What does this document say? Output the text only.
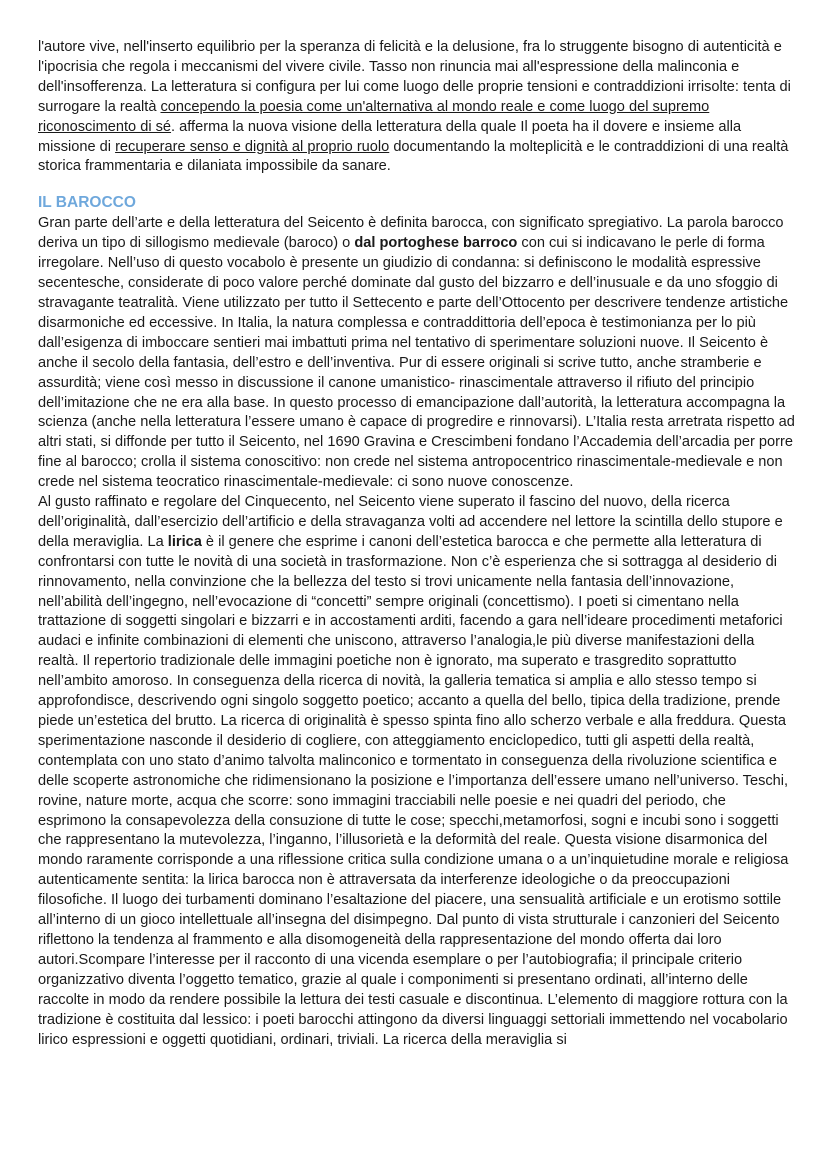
l'autore vive, nell'inserto equilibrio per la speranza di felicità e la delusione, fra lo struggente bisogno di autenticità e l'ipocrisia che regola i meccanismi del vivere civile. Tasso non rinuncia mai all'espressione della malinconia e dell'insofferenza. La letteratura si configura per lui come luogo delle proprie tensioni e contraddizioni irrisolte: tenta di surrogare la realtà concependo la poesia come un'alternativa al mondo reale e come luogo del supremo riconoscimento di sé. afferma la nuova visione della letteratura della quale Il poeta ha il dovere e insieme alla missione di recuperare senso e dignità al proprio ruolo documentando la molteplicità e le contraddizioni di una realtà storica frammentaria e dilaniata impossibile da sanare.

IL BAROCCO

Gran parte dell’arte e della letteratura del Seicento è definita barocca, con significato spregiativo. La parola barocco deriva un tipo di sillogismo medievale (baroco) o dal portoghese barroco con cui si indicavano le perle di forma irregolare. Nell’uso di questo vocabolo è presente un giudizio di condanna: si definiscono le modalità espressive secentesche, considerate di poco valore perché dominate dal gusto del bizzarro e dell’inusuale e da uno sfoggio di stravagante teatralità. Viene utilizzato per tutto il Settecento e parte dell’Ottocento per descrivere tendenze artistiche disarmoniche ed eccessive. In Italia, la natura complessa e contraddittoria dell’epoca è testimonianza per lo più dall’esigenza di imboccare sentieri mai imbattuti prima nel tentativo di sperimentare soluzioni nuove. Il Seicento è anche il secolo della fantasia, dell’estro e dell’inventiva. Pur di essere originali si scrive tutto, anche stramberie e assurdità; viene così messo in discussione il canone umanistico- rinascimentale attraverso il rifiuto del principio dell’imitazione che ne era alla base. In questo processo di emancipazione dall’autorità, la letteratura accompagna la scienza (anche nella letteratura l’essere umano è capace di progredire e rinnovarsi). L’Italia resta arretrata rispetto ad altri stati, si diffonde per tutto il Seicento, nel 1690 Gravina e Crescimbeni fondano l’Accademia dell’arcadia per porre fine al barocco; crolla il sistema conoscitivo: non crede nel sistema antropocentrico rinascimentale-medievale e non crede nel sistema teocratico rinascimentale-medievale: ci sono nuove conoscenze.

Al gusto raffinato e regolare del Cinquecento, nel Seicento viene superato il fascino del nuovo, della ricerca dell’originalità, dall’esercizio dell’artificio e della stravaganza volti ad accendere nel lettore la scintilla dello stupore e della meraviglia. La lirica è il genere che esprime i canoni dell’estetica barocca e che permette alla letteratura di confrontarsi con tutte le novità di una società in trasformazione. Non c’è esperienza che si sottragga al desiderio di rinnovamento, nella convinzione che la bellezza del testo si trovi unicamente nella fantasia dell’innovazione, nell’abilità dell’ingegno, nell’evocazione di “concetti” sempre originali (concettismo). I poeti si cimentano nella trattazione di soggetti singolari e bizzarri e in accostamenti arditi, facendo a gara nell’ideare procedimenti metaforici audaci e infinite combinazioni di elementi che uniscono, attraverso l’analogia,le più diverse manifestazioni della realtà. Il repertorio tradizionale delle immagini poetiche non è ignorato, ma superato e trasgredito soprattutto nell’ambito amoroso. In conseguenza della ricerca di novità, la galleria tematica si amplia e allo stesso tempo si approfondisce, descrivendo ogni singolo soggetto poetico; accanto a quella del bello, tipica della tradizione, prende piede un’estetica del brutto. La ricerca di originalità è spesso spinta fino allo scherzo verbale e alla freddura. Questa sperimentazione nasconde il desiderio di cogliere, con atteggiamento enciclopedico, tutti gli aspetti della realtà, contemplata con uno stato d’animo talvolta malinconico e tormentato in conseguenza della rivoluzione scientifica e delle scoperte astronomiche che ridimensionano la posizione e l’importanza dell’essere umano nell’universo. Teschi, rovine, nature morte, acqua che scorre: sono immagini tracciabili nelle poesie e nei quadri del periodo, che esprimono la consapevolezza della consuzione di tutte le cose; specchi,metamorfosi, sogni e incubi sono i soggetti che rappresentano la mutevolezza, l’inganno, l’illusorietà e la deformità del reale. Questa visione disarmonica del mondo raramente corrisponde a una riflessione critica sulla condizione umana o a un’inquietudine morale e religiosa autenticamente sentita: la lirica barocca non è attraversata da interferenze ideologiche o da preoccupazioni filosofiche. Il luogo dei turbamenti dominano l’esaltazione del piacere, una sensualità artificiale e un erotismo sottile all’interno di un gioco intellettuale all’insegna del disimpegno. Dal punto di vista strutturale i canzonieri del Seicento riflettono la tendenza al frammento e alla disomogeneità della rappresentazione del mondo offerta dai loro autori.Scompare l’interesse per il racconto di una vicenda esemplare o per l’autobiografia; il principale criterio organizzativo diventa l’oggetto tematico, grazie al quale i componimenti si presentano ordinati, all’interno delle raccolte in modo da rendere possibile la lettura dei testi casuale e discontinua. L’elemento di maggiore rottura con la tradizione è costituita dal lessico: i poeti barocchi attingono da diversi linguaggi settoriali immettendo nel vocabolario lirico espressioni e oggetti quotidiani, ordinari, triviali. La ricerca della meraviglia si
